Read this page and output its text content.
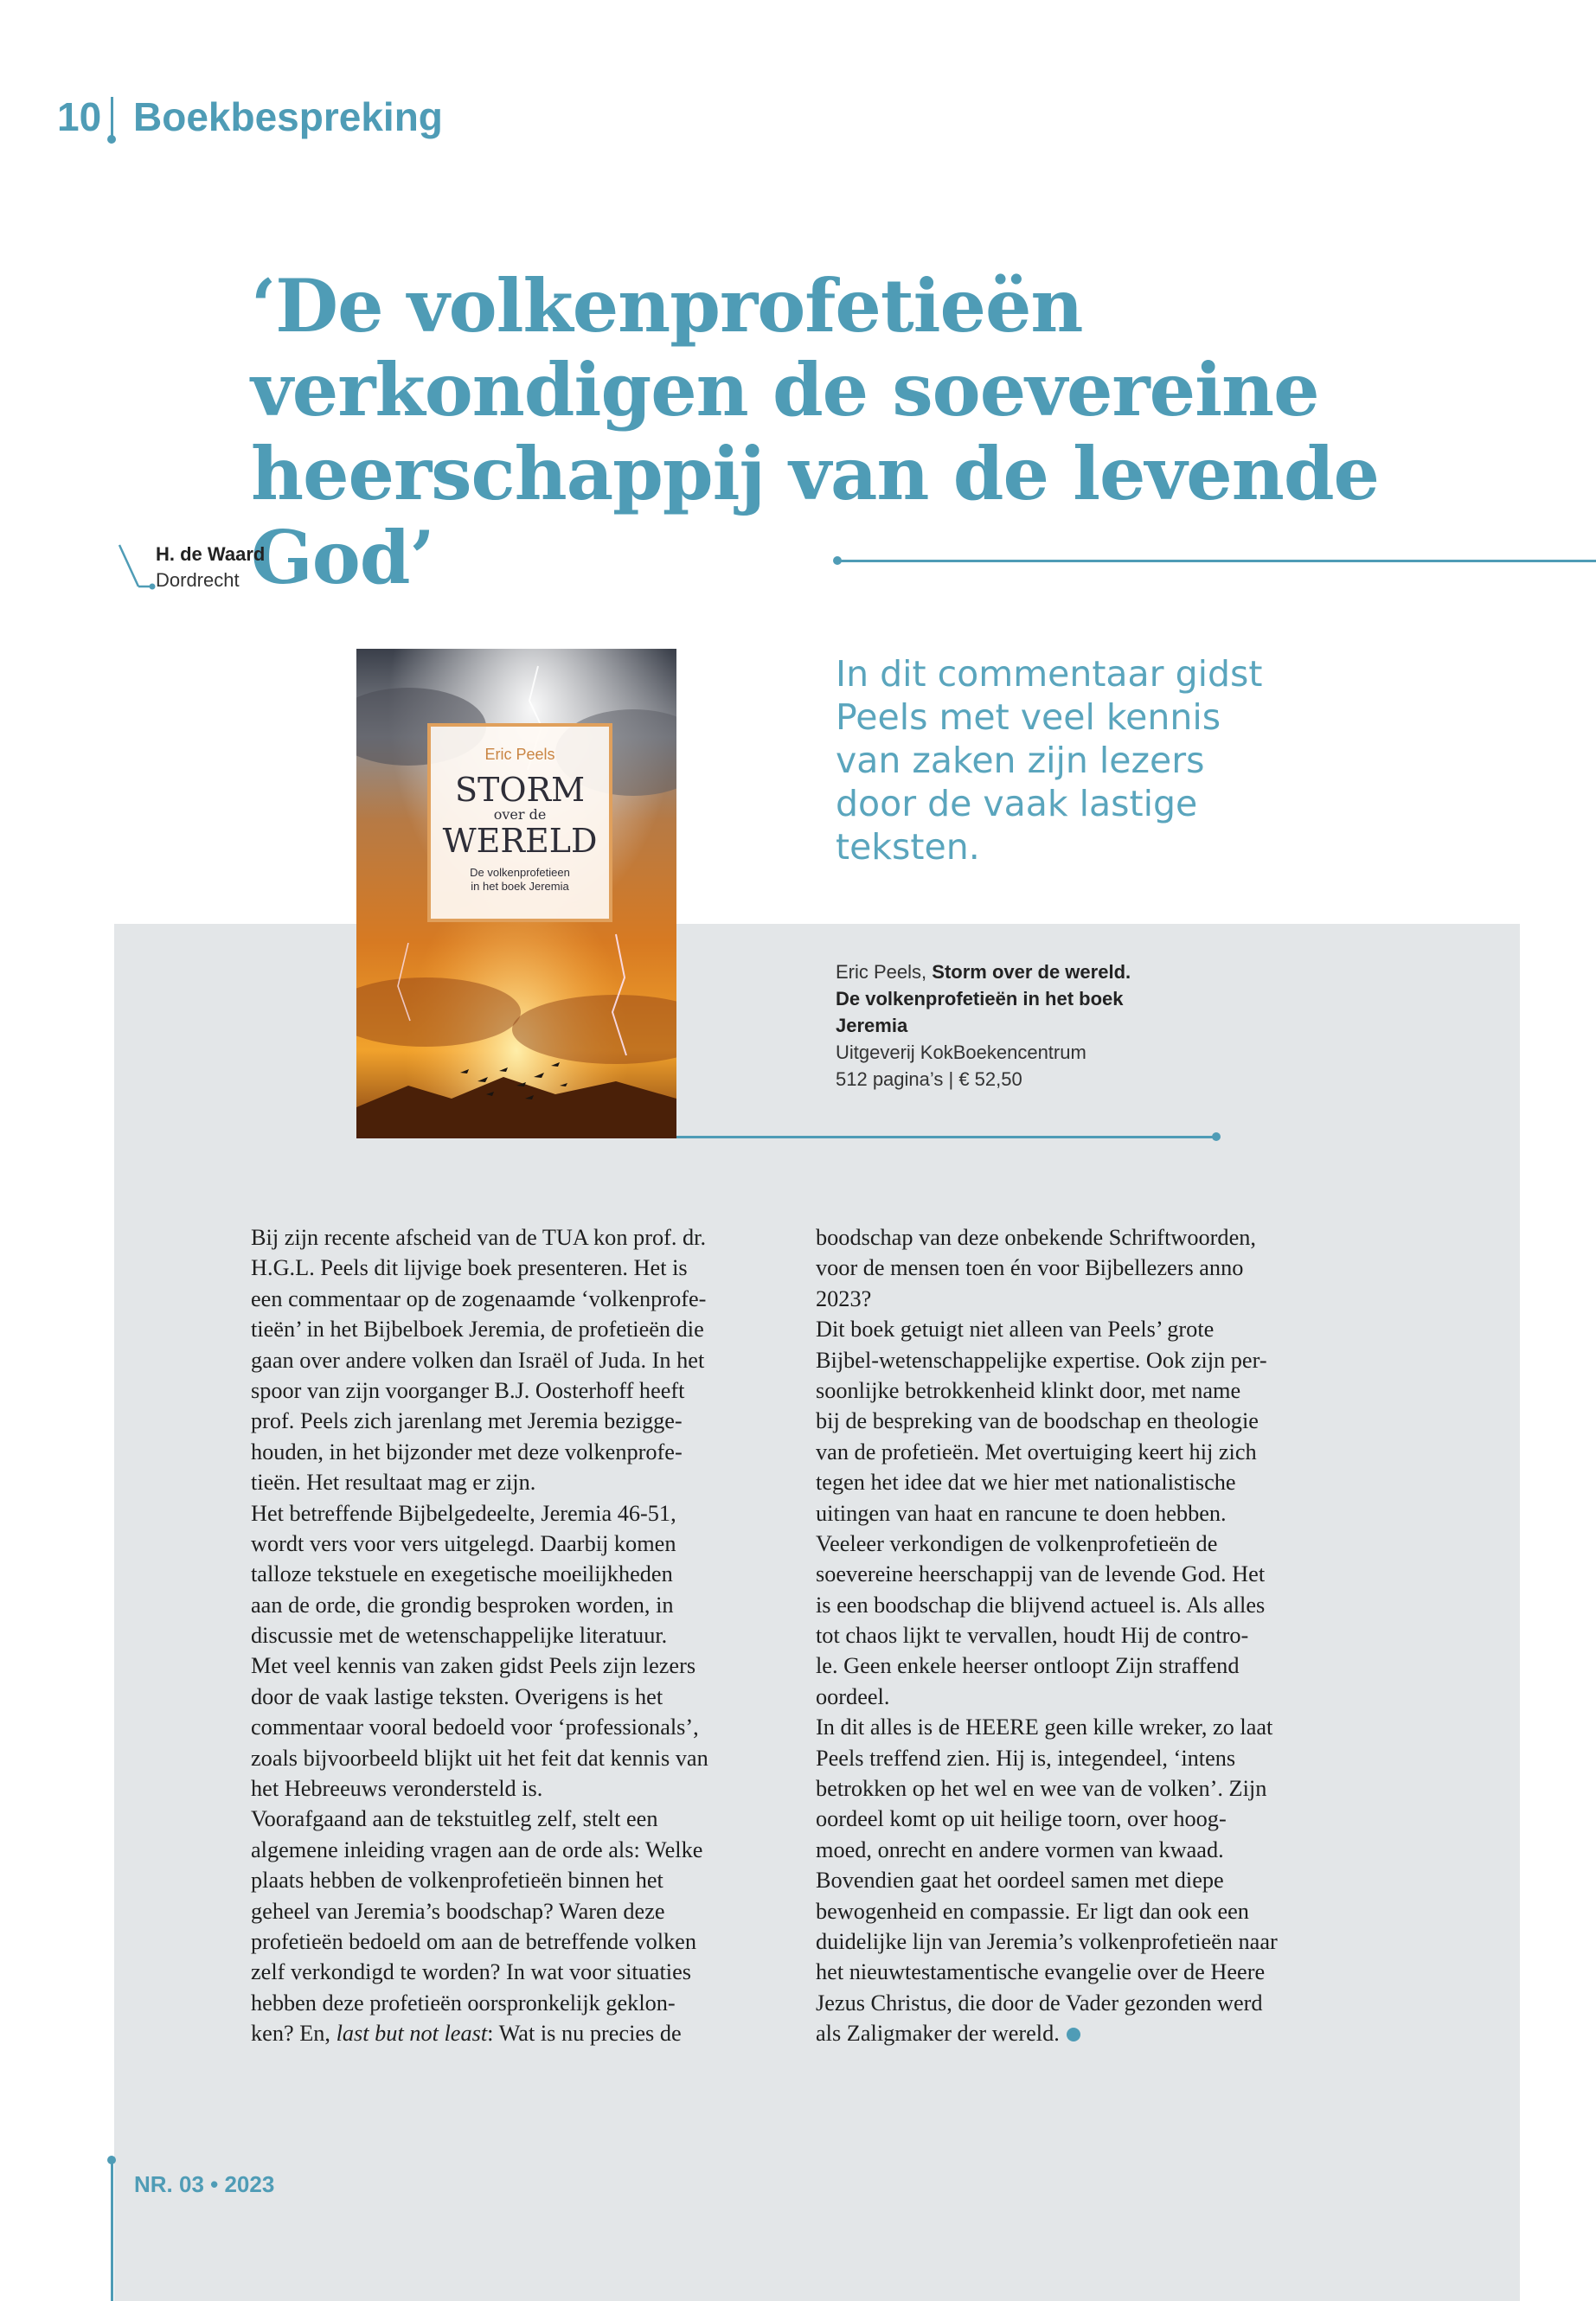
10 Boekbespreking
‘De volkenprofetieën
verkondigen de soevereine
heerschappij van de levende God’
H. de Waard
Dordrecht
Eric Peels
STORM
over de
WERELD
De volkenprofetieen
in het boek Jeremia
In dit commentaar gidst
Peels met veel kennis
van zaken zijn lezers
door de vaak lastige
teksten.
Eric Peels, Storm over de wereld.
De volkenprofetieën in het boek
Jeremia
Uitgeverij KokBoekencentrum
512 pagina’s | € 52,50
Bij zijn recente afscheid van de TUA kon prof. dr.
H.G.L. Peels dit lijvige boek presenteren. Het is
een commentaar op de zogenaamde ‘volkenprofe-
tieën’ in het Bijbelboek Jeremia, de profetieën die
gaan over andere volken dan Israël of Juda. In het
spoor van zijn voorganger B.J. Oosterhoff heeft
prof. Peels zich jarenlang met Jeremia bezigge-
houden, in het bijzonder met deze volkenprofe-
tieën. Het resultaat mag er zijn.
Het betreffende Bijbelgedeelte, Jeremia 46-51,
wordt vers voor vers uitgelegd. Daarbij komen
talloze tekstuele en exegetische moeilijkheden
aan de orde, die grondig besproken worden, in
discussie met de wetenschappelijke literatuur.
Met veel kennis van zaken gidst Peels zijn lezers
door de vaak lastige teksten. Overigens is het
commentaar vooral bedoeld voor ‘professionals’,
zoals bijvoorbeeld blijkt uit het feit dat kennis van
het Hebreeuws verondersteld is.
Voorafgaand aan de tekstuitleg zelf, stelt een
algemene inleiding vragen aan de orde als: Welke
plaats hebben de volkenprofetieën binnen het
geheel van Jeremia’s boodschap? Waren deze
profetieën bedoeld om aan de betreffende volken
zelf verkondigd te worden? In wat voor situaties
hebben deze profetieën oorspronkelijk geklon-
ken? En, last but not least: Wat is nu precies de
boodschap van deze onbekende Schriftwoorden,
voor de mensen toen én voor Bijbellezers anno
2023?
Dit boek getuigt niet alleen van Peels’ grote
Bijbel-wetenschappelijke expertise. Ook zijn per-
soonlijke betrokkenheid klinkt door, met name
bij de bespreking van de boodschap en theologie
van de profetieën. Met overtuiging keert hij zich
tegen het idee dat we hier met nationalistische
uitingen van haat en rancune te doen hebben.
Veeleer verkondigen de volkenprofetieën de
soevereine heerschappij van de levende God. Het
is een boodschap die blijvend actueel is. Als alles
tot chaos lijkt te vervallen, houdt Hij de contro-
le. Geen enkele heerser ontloopt Zijn straffend
oordeel.
In dit alles is de HEERE geen kille wreker, zo laat
Peels treffend zien. Hij is, integendeel, ‘intens
betrokken op het wel en wee van de volken’. Zijn
oordeel komt op uit heilige toorn, over hoog-
moed, onrecht en andere vormen van kwaad.
Bovendien gaat het oordeel samen met diepe
bewogenheid en compassie. Er ligt dan ook een
duidelijke lijn van Jeremia’s volkenprofetieën naar
het nieuwtestamentische evangelie over de Heere
Jezus Christus, die door de Vader gezonden werd
als Zaligmaker der wereld.
NR. 03 • 2023
